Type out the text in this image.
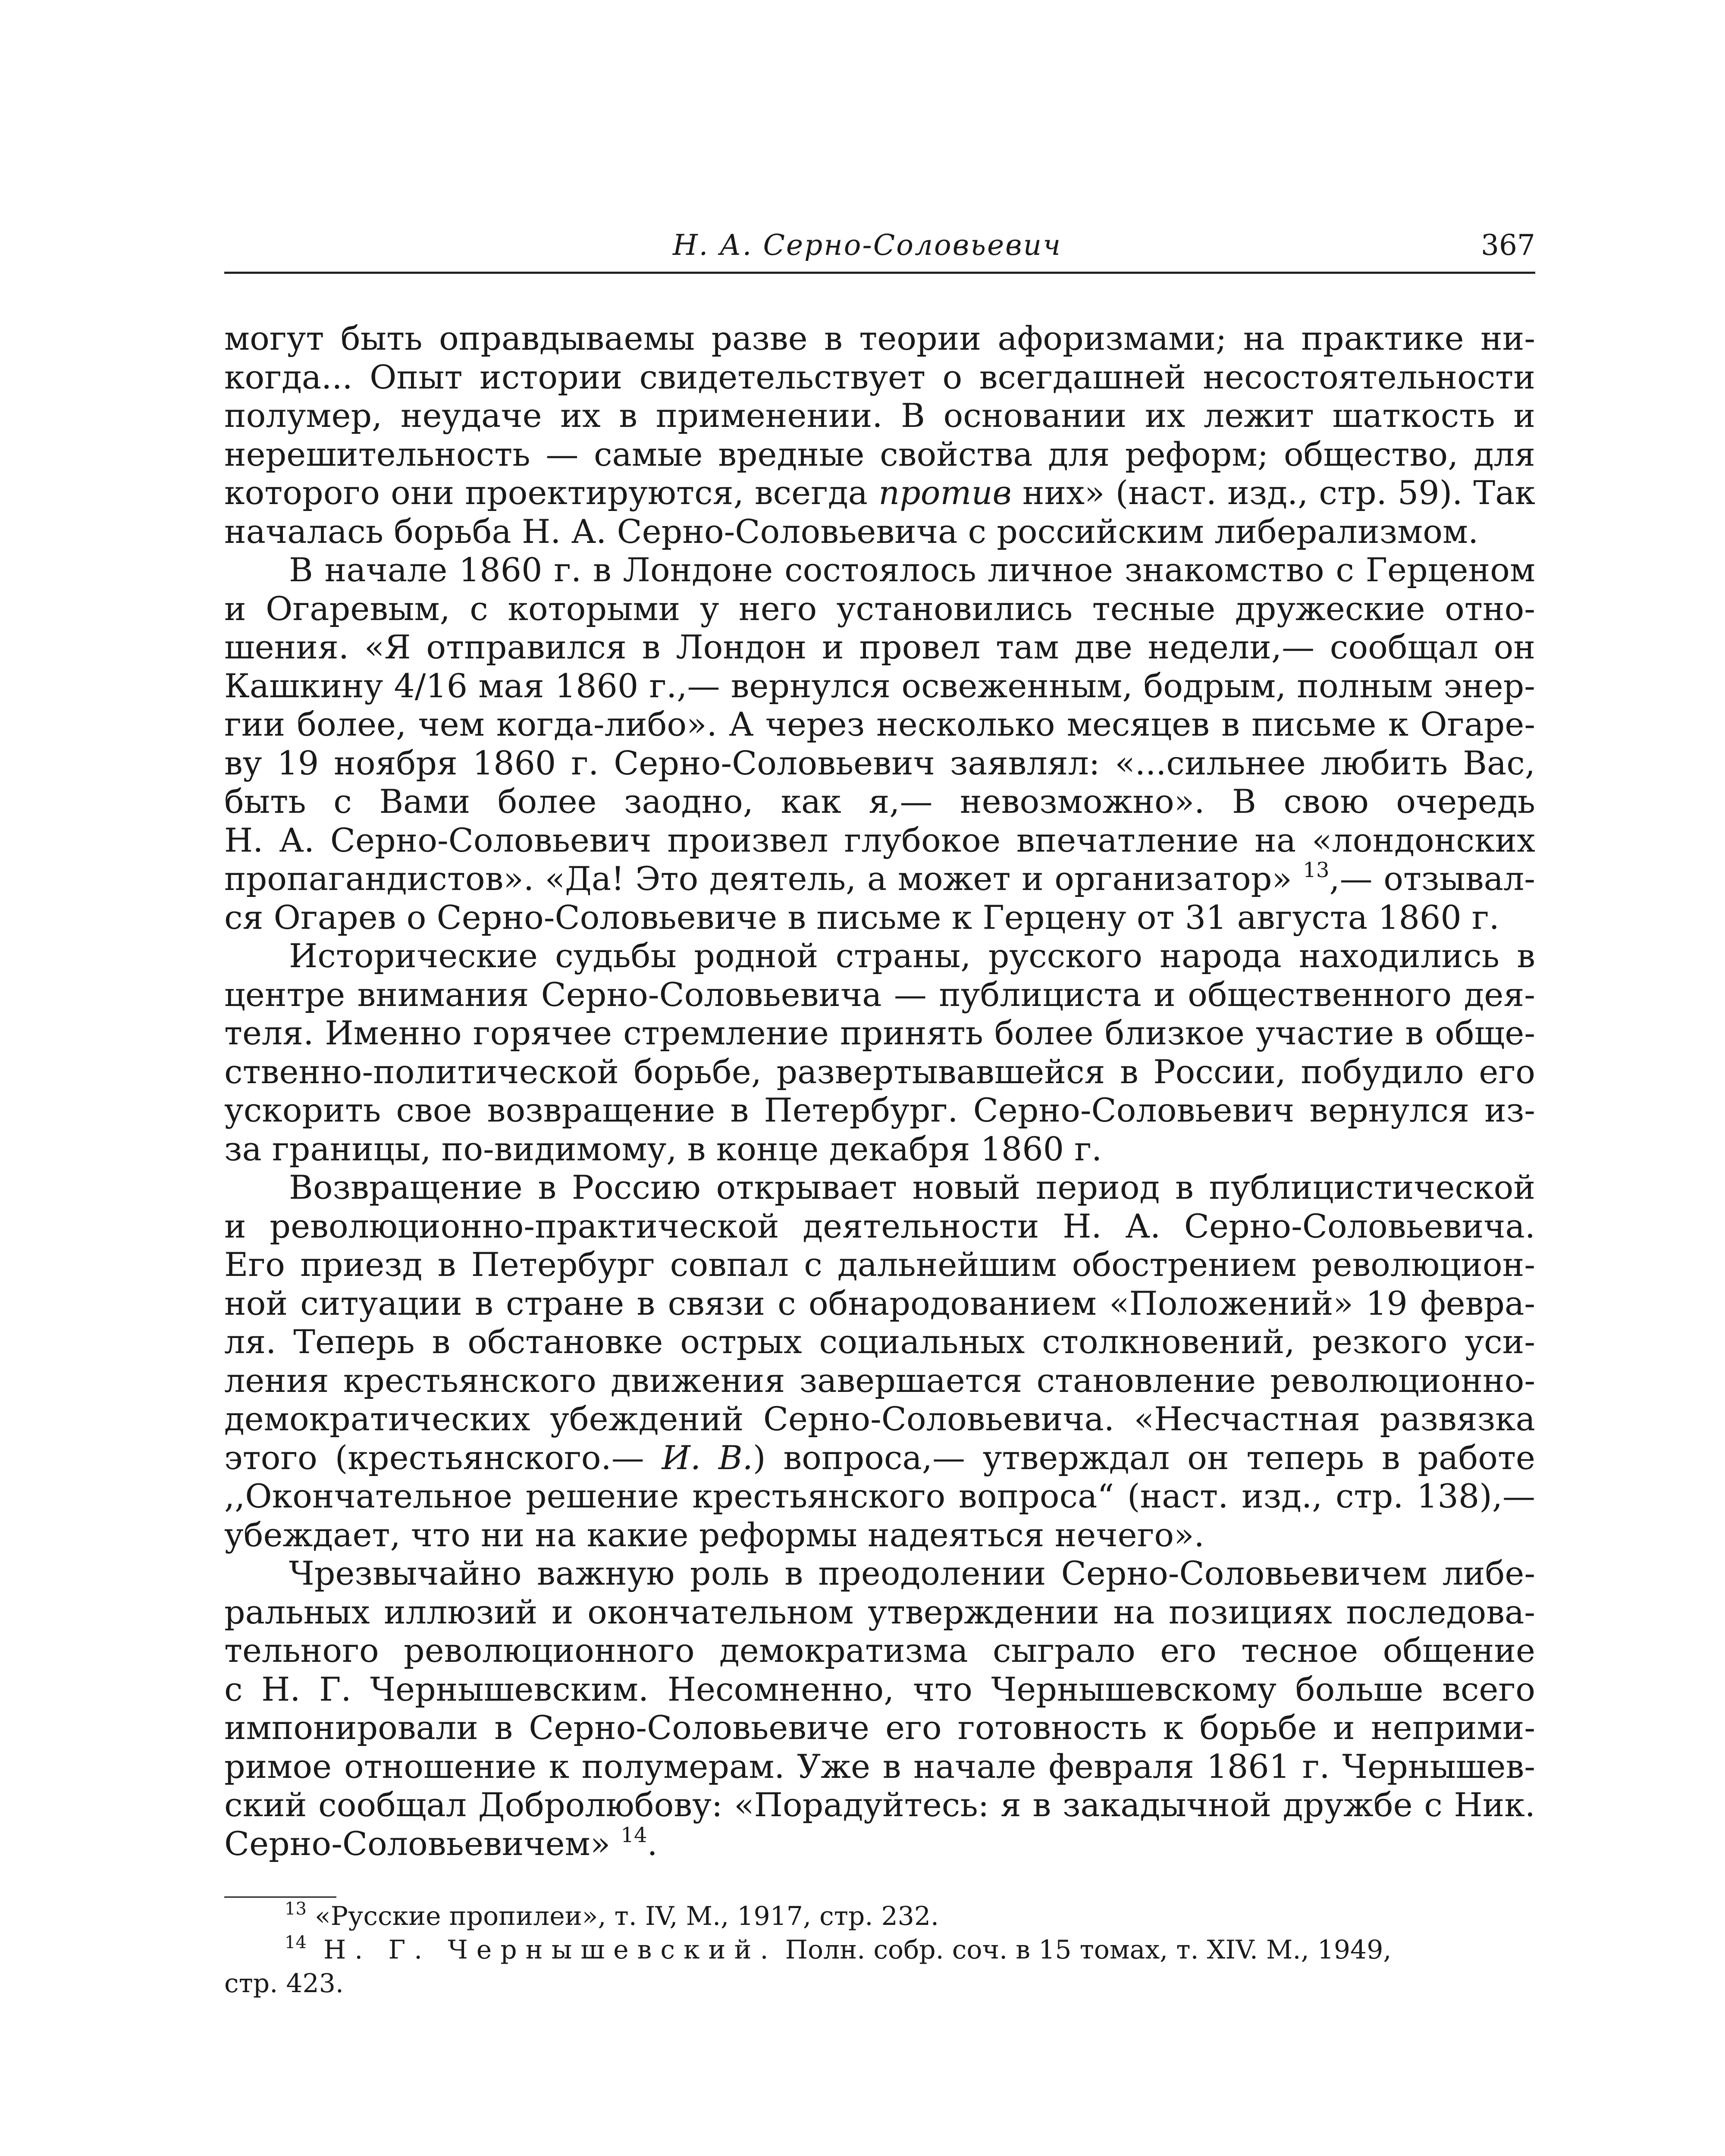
Н. А. Серно-Соловьевич	367
могут быть оправдываемы разве в теории афоризмами; на практике ни-
когда... Опыт истории свидетельствует о всегдашней несостоятельности
полумер, неудаче их в применении. В основании их лежит шаткость и
нерешительность — самые вредные свойства для реформ; общество, для
которого они проектируются, всегда против них» (наст. изд., стр. 59). Так
началась борьба Н. А. Серно-Соловьевича с российским либерализмом.
В начале 1860 г. в Лондоне состоялось личное знакомство с Герценом
и Огаревым, с которыми у него установились тесные дружеские отно-
шения. «Я отправился в Лондон и провел там две недели,— сообщал он
Кашкину 4/16 мая 1860 г.,— вернулся освеженным, бодрым, полным энер-
гии более, чем когда-либо». А через несколько месяцев в письме к Огаре-
ву 19 ноября 1860 г. Серно-Соловьевич заявлял: «...сильнее любить Вас,
быть с Вами более заодно, как я,— невозможно». В свою очередь
Н. А. Серно-Соловьевич произвел глубокое впечатление на «лондонских
пропагандистов». «Да! Это деятель, а может и организатор» $^{13}$,— отзывал-
ся Огарев о Серно-Соловьевиче в письме к Герцену от 31 августа 1860 г.
Исторические судьбы родной страны, русского народа находились в
центре внимания Серно-Соловьевича — публициста и общественного дея-
теля. Именно горячее стремление принять более близкое участие в обще-
ственно-политической борьбе, развертывавшейся в России, побудило его
ускорить свое возвращение в Петербург. Серно-Соловьевич вернулся из-
за границы, по-видимому, в конце декабря 1860 г.
Возвращение в Россию открывает новый период в публицистической
и революционно-практической деятельности Н. А. Серно-Соловьевича.
Его приезд в Петербург совпал с дальнейшим обострением революцион-
ной ситуации в стране в связи с обнародованием «Положений» 19 февра-
ля. Теперь в обстановке острых социальных столкновений, резкого уси-
ления крестьянского движения завершается становление революционно-
демократических убеждений Серно-Соловьевича. «Несчастная развязка
этого (крестьянского.— И. В.) вопроса,— утверждал он теперь в работе
,,Окончательное решение крестьянского вопроса“ (наст. изд., стр. 138),—
убеждает, что ни на какие реформы надеяться нечего».
Чрезвычайно важную роль в преодолении Серно-Соловьевичем либе-
ральных иллюзий и окончательном утверждении на позициях последова-
тельного революционного демократизма сыграло его тесное общение
с Н. Г. Чернышевским. Несомненно, что Чернышевскому больше всего
импонировали в Серно-Соловьевиче его готовность к борьбе и неприми-
римое отношение к полумерам. Уже в начале февраля 1861 г. Чернышев-
ский сообщал Добролюбову: «Порадуйтесь: я в закадычной дружбе с Ник.
Серно-Соловьевичем» $^{14}$.
$^{13}$ «Русские пропилеи», т. IV, М., 1917, стр. 232.
$^{14}$ Н. Г. Чернышевский. Полн. собр. соч. в 15 томах, т. XIV. М., 1949,
стр. 423.
